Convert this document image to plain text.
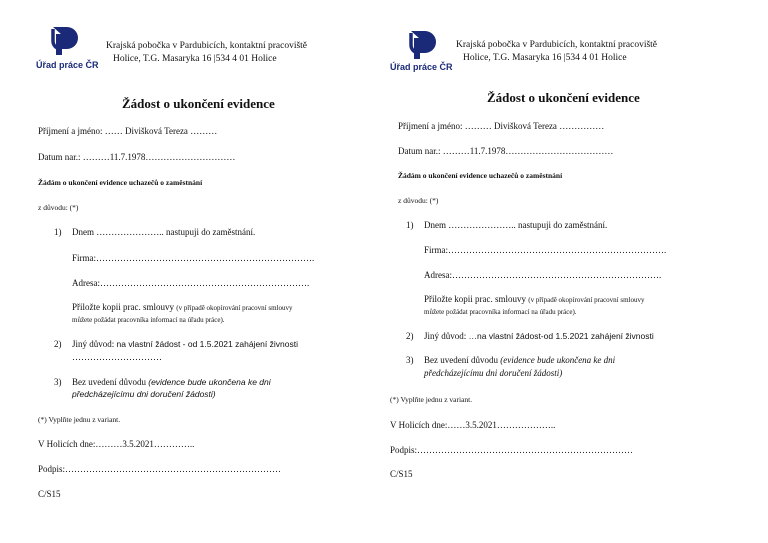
Úřad práce ČR
Krajská pobočka v Pardubicích, kontaktní pracoviště
Holice, T.G. Masaryka 16 |534 4 01 Holice
Žádost o ukončení evidence
Příjmení a jméno: …… Divišková Tereza ………
Datum nar.: ………11.7.1978…………………………
Žádám o ukončení evidence uchazečů o zaměstnání
z důvodu: (*)
1) Dnem ………………….. nastupuji do zaměstnání.
Firma:……………………………………………………………….
Adresa:…………………………………………………………….
Přiložte kopii prac. smlouvy (v případě okopírování pracovní smlouvy
můžete požádat pracovníka informací na úřadu práce).
2) Jiný důvod: na vlastní žádost - od 1.5.2021 zahájení živnosti
…………………………
3) Bez uvedení důvodu (evidence bude ukončena ke dni
předcházejícímu dni doručení žádosti)
(*) Vyplňte jednu z variant.
V Holicích dne:………3.5.2021…………..
Podpis:………………………………………………………………
C/S15
Úřad práce ČR
Krajská pobočka v Pardubicích, kontaktní pracoviště
Holice, T.G. Masaryka 16 |534 4 01 Holice
Žádost o ukončení evidence
Příjmení a jméno: ……… Divišková Tereza ……………
Datum nar.: ………11.7.1978………………………………
Žádám o ukončení evidence uchazečů o zaměstnání
z důvodu: (*)
1) Dnem ………………….. nastupuji do zaměstnání.
Firma:……………………………………………………………….
Adresa:…………………………………………………………….
Přiložte kopii prac. smlouvy (v případě okopírování pracovní smlouvy
můžete požádat pracovníka informací na úřadu práce).
2) Jiný důvod: …na vlastní žádost-od 1.5.2021 zahájení živnosti
3) Bez uvedení důvodu (evidence bude ukončena ke dni
předcházejícímu dni doručení žádosti)
(*) Vyplňte jednu z variant.
V Holicích dne:……3.5.2021………………..
Podpis:………………………………………………………………
C/S15
